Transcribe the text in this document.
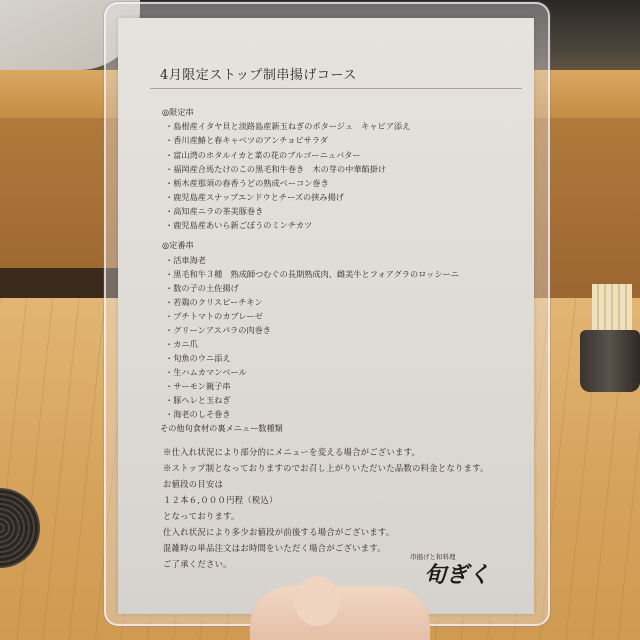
4月限定ストップ制串揚げコース
◎限定串
・島根産イタヤ貝と淡路島産新玉ねぎのポタージュ　キャビア添え
・香川産鰆と春キャベツのアンチョビサラダ
・富山湾のホタルイカと菜の花のブルゴーニュバター
・福岡産合馬たけのこの黒毛和牛巻き　木の芽の中華餡掛け
・栃木産那須の春香うどの熟成ベーコン巻き
・鹿児島産スナップエンドウとチーズの挟み揚げ
・高知産ニラの茶美豚巻き
・鹿児島産あいら新ごぼうのミンチカツ
◎定番串
・活車海老
・黒毛和牛３種　熟成師つむぐの長期熟成肉、雌美牛とフォアグラのロッシーニ
・数の子の土佐揚げ
・若鶏のクリスピーチキン
・プチトマトのカプレーゼ
・グリーンアスパラの肉巻き
・カニ爪
・旬魚のウニ添え
・生ハムカマンベール
・サーモン親子串
・豚ヘレと玉ねぎ
・海老のしそ巻き
その他旬食材の裏メニュー数種類
※仕入れ状況により部分的にメニューを変える場合がございます。
※ストップ制となっておりますのでお召し上がりいただいた品数の料金となります。
お値段の目安は
１２本６,０００円程（税込）
となっております。
仕入れ状況により多少お値段が前後する場合がございます。
混雑時の単品注文はお時間をいただく場合がございます。
ご了承ください。
串揚げと和料理
旬ぎく
